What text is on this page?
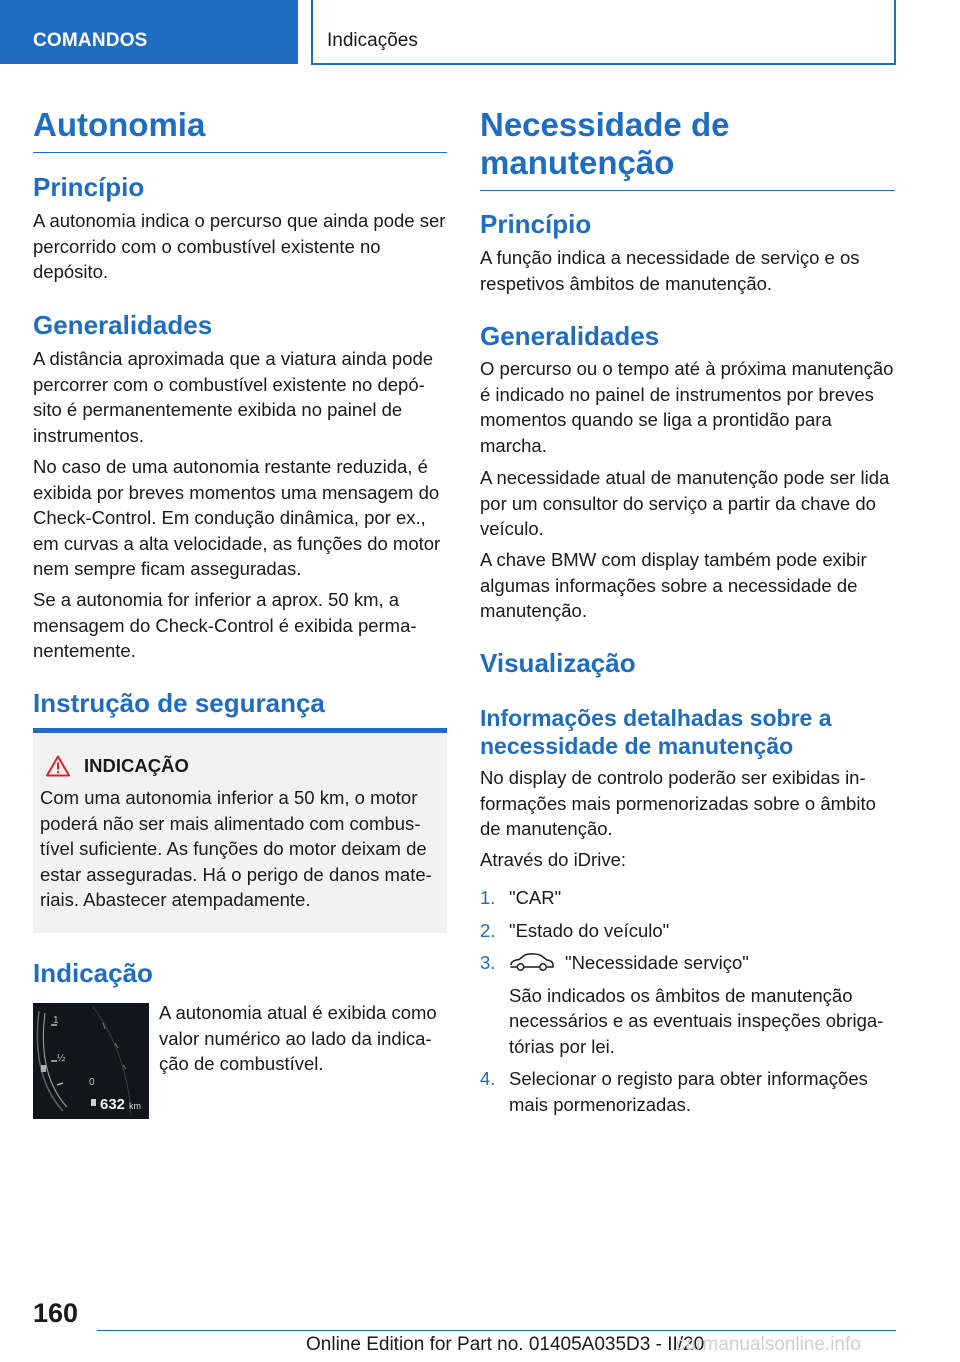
COMANDOS	Indicações
Autonomia
Princípio

A autonomia indica o percurso que ainda pode ser percorrido com o combustível existente no depósito.

Generalidades

A distância aproximada que a viatura ainda pode percorrer com o combustível existente no depósito é permanentemente exibida no painel de instrumentos.

No caso de uma autonomia restante reduzida, é exibida por breves momentos uma mensagem do Check-Control. Em condução dinâmica, por ex., em curvas a alta velocidade, as funções do motor nem sempre ficam asseguradas.

Se a autonomia for inferior a aprox. 50 km, a mensagem do Check-Control é exibida permanentemente.

Instrução de segurança
INDICAÇÃO

Com uma autonomia inferior a 50 km, o motor poderá não ser mais alimentado com combustível suficiente. As funções do motor deixam de estar asseguradas. Há o perigo de danos materiais. Abastecer atempadamente.

Indicação
1
½
0
632 km

A autonomia atual é exibida como valor numérico ao lado da indicação de combustível.

Necessidade de manutenção
Princípio

A função indica a necessidade de serviço e os respetivos âmbitos de manutenção.

Generalidades

O percurso ou o tempo até à próxima manutenção é indicado no painel de instrumentos por breves momentos quando se liga a prontidão para marcha.

A necessidade atual de manutenção pode ser lida por um consultor do serviço a partir da chave do veículo.

A chave BMW com display também pode exibir algumas informações sobre a necessidade de manutenção.

Visualização
Informações detalhadas sobre a necessidade de manutenção

No display de controlo poderão ser exibidas informações mais pormenorizadas sobre o âmbito de manutenção.

Através do iDrive:

1. "CAR"
2. "Estado do veículo"
3.	"Necessidade serviço"

São indicados os âmbitos de manutenção necessários e as eventuais inspeções obrigatórias por lei.

4. Selecionar o registo para obter informações mais pormenorizadas.
160
Online Edition for Part no. 01405A035D3 - II/20
carmanualsonline.info
